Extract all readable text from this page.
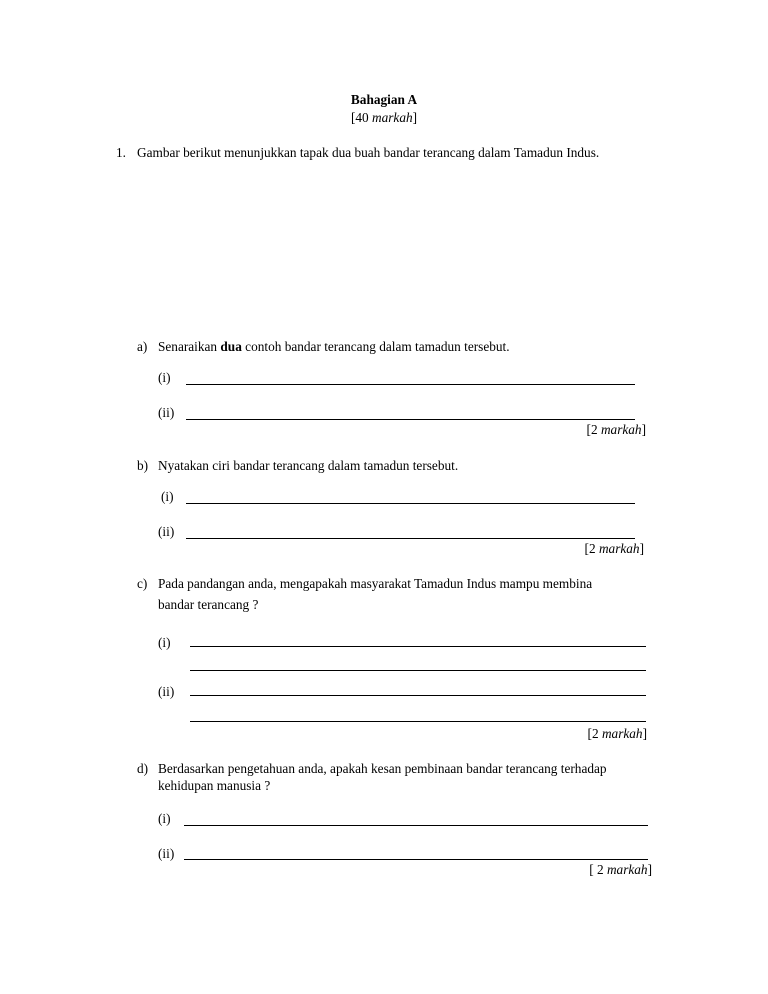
Bahagian A
[40 markah]
1. Gambar berikut menunjukkan tapak dua buah bandar terancang dalam Tamadun Indus.
a) Senaraikan dua contoh bandar terancang dalam tamadun tersebut.
(i)
(ii)
[2 markah]
b) Nyatakan ciri bandar terancang dalam tamadun tersebut.
(i)
(ii)
[2 markah]
c) Pada pandangan anda, mengapakah masyarakat Tamadun Indus mampu membina
bandar terancang ?
(i)
(ii)
[2 markah]
d) Berdasarkan pengetahuan anda, apakah kesan pembinaan bandar terancang terhadap
kehidupan manusia ?
(i)
(ii)
[ 2 markah]
